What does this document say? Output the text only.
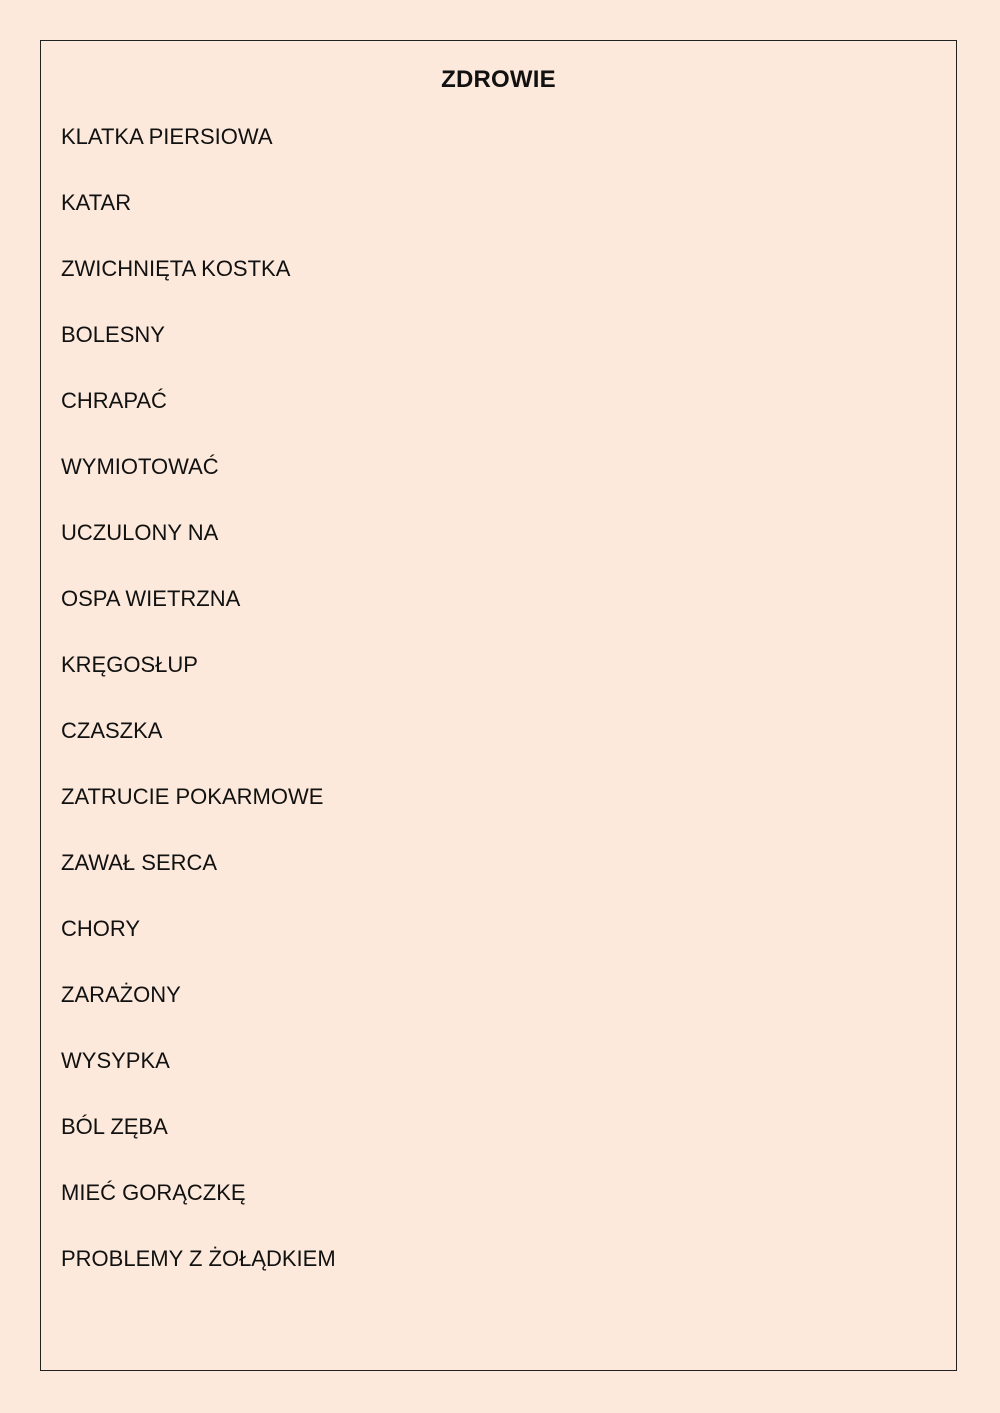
ZDROWIE
KLATKA PIERSIOWA
KATAR
ZWICHNIĘTA KOSTKA
BOLESNY
CHRAPAĆ
WYMIOTOWAĆ
UCZULONY NA
OSPA WIETRZNA
KRĘGOSŁUP
CZASZKA
ZATRUCIE POKARMOWE
ZAWAŁ SERCA
CHORY
ZARAŻONY
WYSYPKA
BÓL ZĘBA
MIEĆ GORĄCZKĘ
PROBLEMY Z ŻOŁĄDKIEM
